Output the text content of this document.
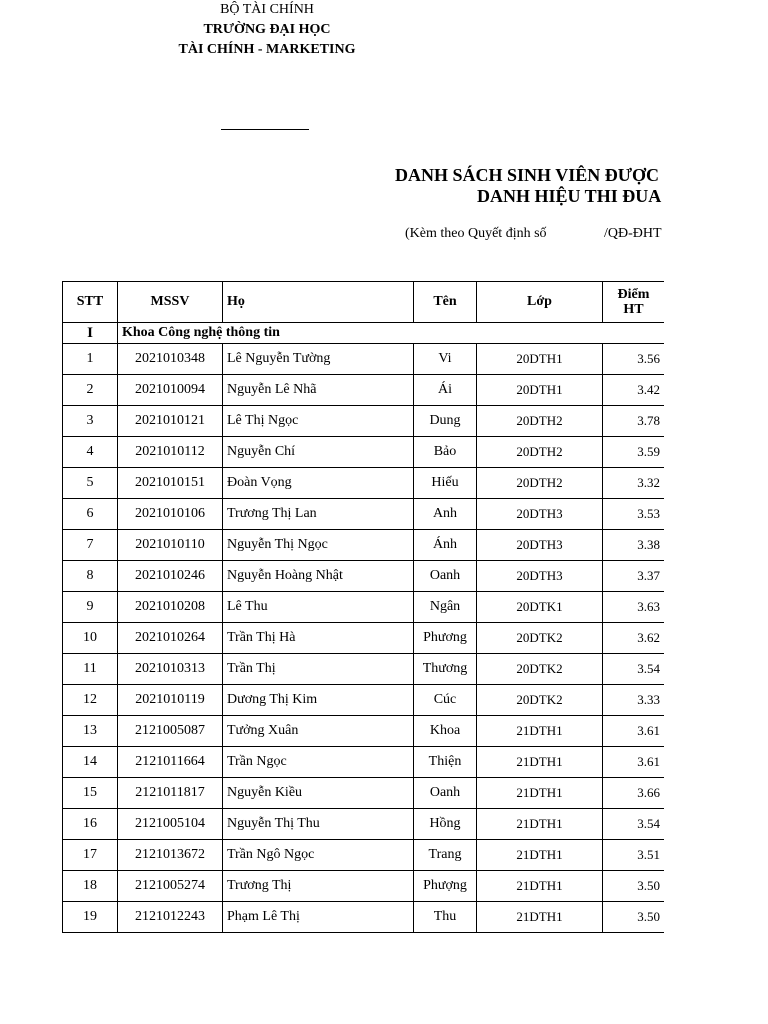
BỘ TÀI CHÍNH
TRƯỜNG ĐẠI HỌC
TÀI CHÍNH - MARKETING
DANH SÁCH SINH VIÊN ĐƯỢC
DANH HIỆU THI ĐUA
(Kèm theo Quyết định số	/QĐ-ĐHT
STT	MSSV	Họ	Tên	Lớp	Điểm
HT

I	Khoa Công nghệ thông tin				
1	2021010348	Lê Nguyễn Tường	Vi	20DTH1	3.56
2	2021010094	Nguyễn Lê Nhã	Ái	20DTH1	3.42
3	2021010121	Lê Thị Ngọc	Dung	20DTH2	3.78
4	2021010112	Nguyễn Chí	Bảo	20DTH2	3.59
5	2021010151	Đoàn Vọng	Hiếu	20DTH2	3.32
6	2021010106	Trương Thị Lan	Anh	20DTH3	3.53
7	2021010110	Nguyễn Thị Ngọc	Ánh	20DTH3	3.38
8	2021010246	Nguyễn Hoàng Nhật	Oanh	20DTH3	3.37
9	2021010208	Lê Thu	Ngân	20DTK1	3.63
10	2021010264	Trần Thị Hà	Phương	20DTK2	3.62
11	2021010313	Trần Thị	Thương	20DTK2	3.54
12	2021010119	Dương Thị Kim	Cúc	20DTK2	3.33
13	2121005087	Tưởng Xuân	Khoa	21DTH1	3.61
14	2121011664	Trần Ngọc	Thiện	21DTH1	3.61
15	2121011817	Nguyễn Kiều	Oanh	21DTH1	3.66
16	2121005104	Nguyễn Thị Thu	Hồng	21DTH1	3.54
17	2121013672	Trần Ngô Ngọc	Trang	21DTH1	3.51
18	2121005274	Trương Thị	Phượng	21DTH1	3.50
19	2121012243	Phạm Lê Thị	Thu	21DTH1	3.50
